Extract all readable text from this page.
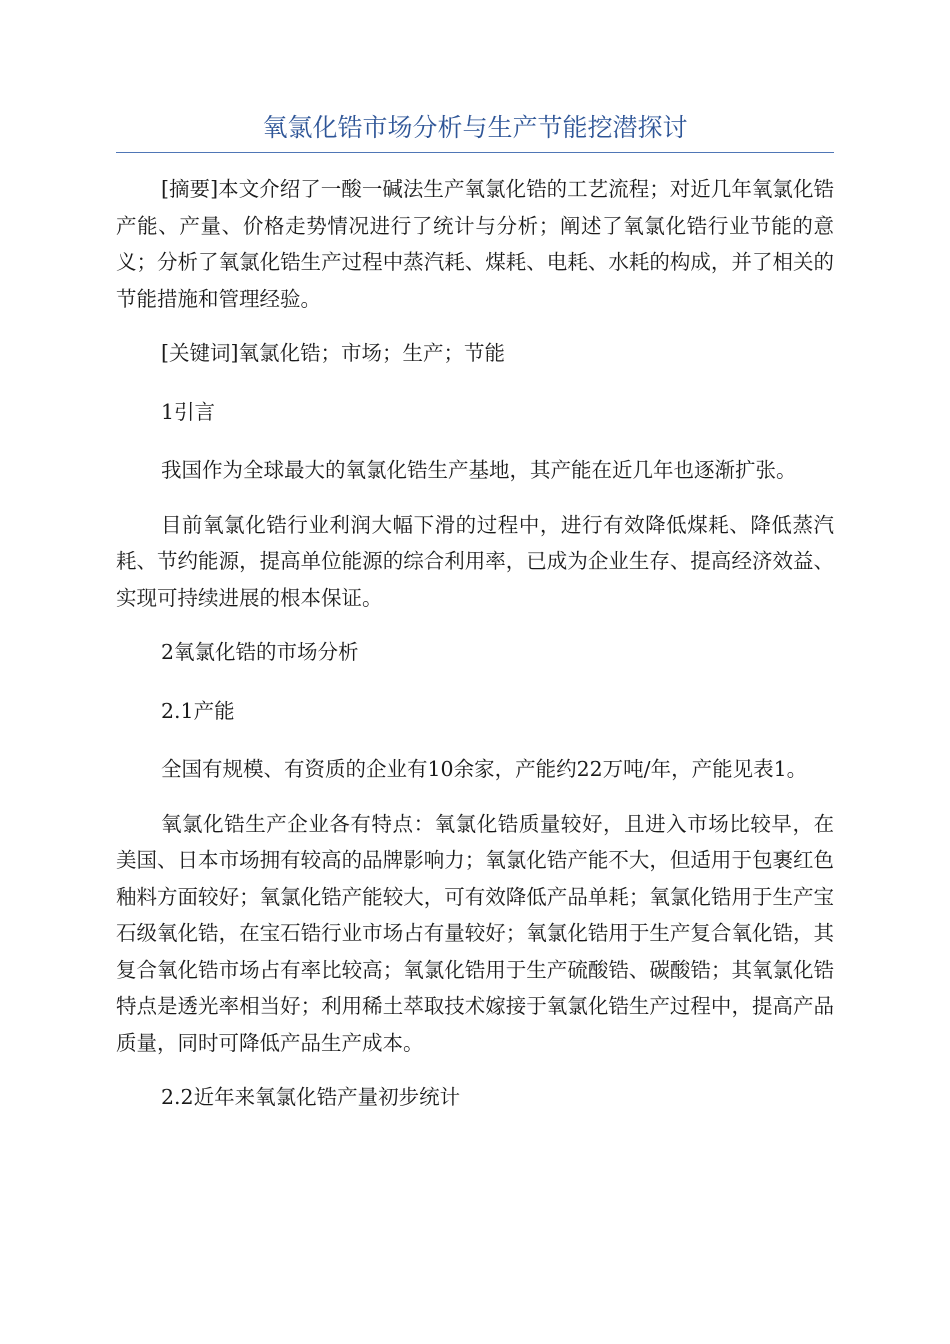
氧氯化锆市场分析与生产节能挖潜探讨

[摘要]本文介绍了一酸一碱法生产氧氯化锆的工艺流程；对近几年氧氯化锆产能、产量、价格走势情况进行了统计与分析；阐述了氧氯化锆行业节能的意义；分析了氧氯化锆生产过程中蒸汽耗、煤耗、电耗、水耗的构成，并了相关的节能措施和管理经验。

[关键词]氧氯化锆；市场；生产；节能

1引言

我国作为全球最大的氧氯化锆生产基地，其产能在近几年也逐渐扩张。

目前氧氯化锆行业利润大幅下滑的过程中，进行有效降低煤耗、降低蒸汽耗、节约能源，提高单位能源的综合利用率，已成为企业生存、提高经济效益、实现可持续进展的根本保证。

2氧氯化锆的市场分析

2.1产能

全国有规模、有资质的企业有10余家，产能约22万吨/年，产能见表1。

氧氯化锆生产企业各有特点：氧氯化锆质量较好，且进入市场比较早，在美国、日本市场拥有较高的品牌影响力；氧氯化锆产能不大，但适用于包裹红色釉料方面较好；氧氯化锆产能较大，可有效降低产品单耗；氧氯化锆用于生产宝石级氧化锆，在宝石锆行业市场占有量较好；氧氯化锆用于生产复合氧化锆，其复合氧化锆市场占有率比较高；氧氯化锆用于生产硫酸锆、碳酸锆；其氧氯化锆特点是透光率相当好；利用稀土萃取技术嫁接于氧氯化锆生产过程中，提高产品质量，同时可降低产品生产成本。

2.2近年来氧氯化锆产量初步统计
